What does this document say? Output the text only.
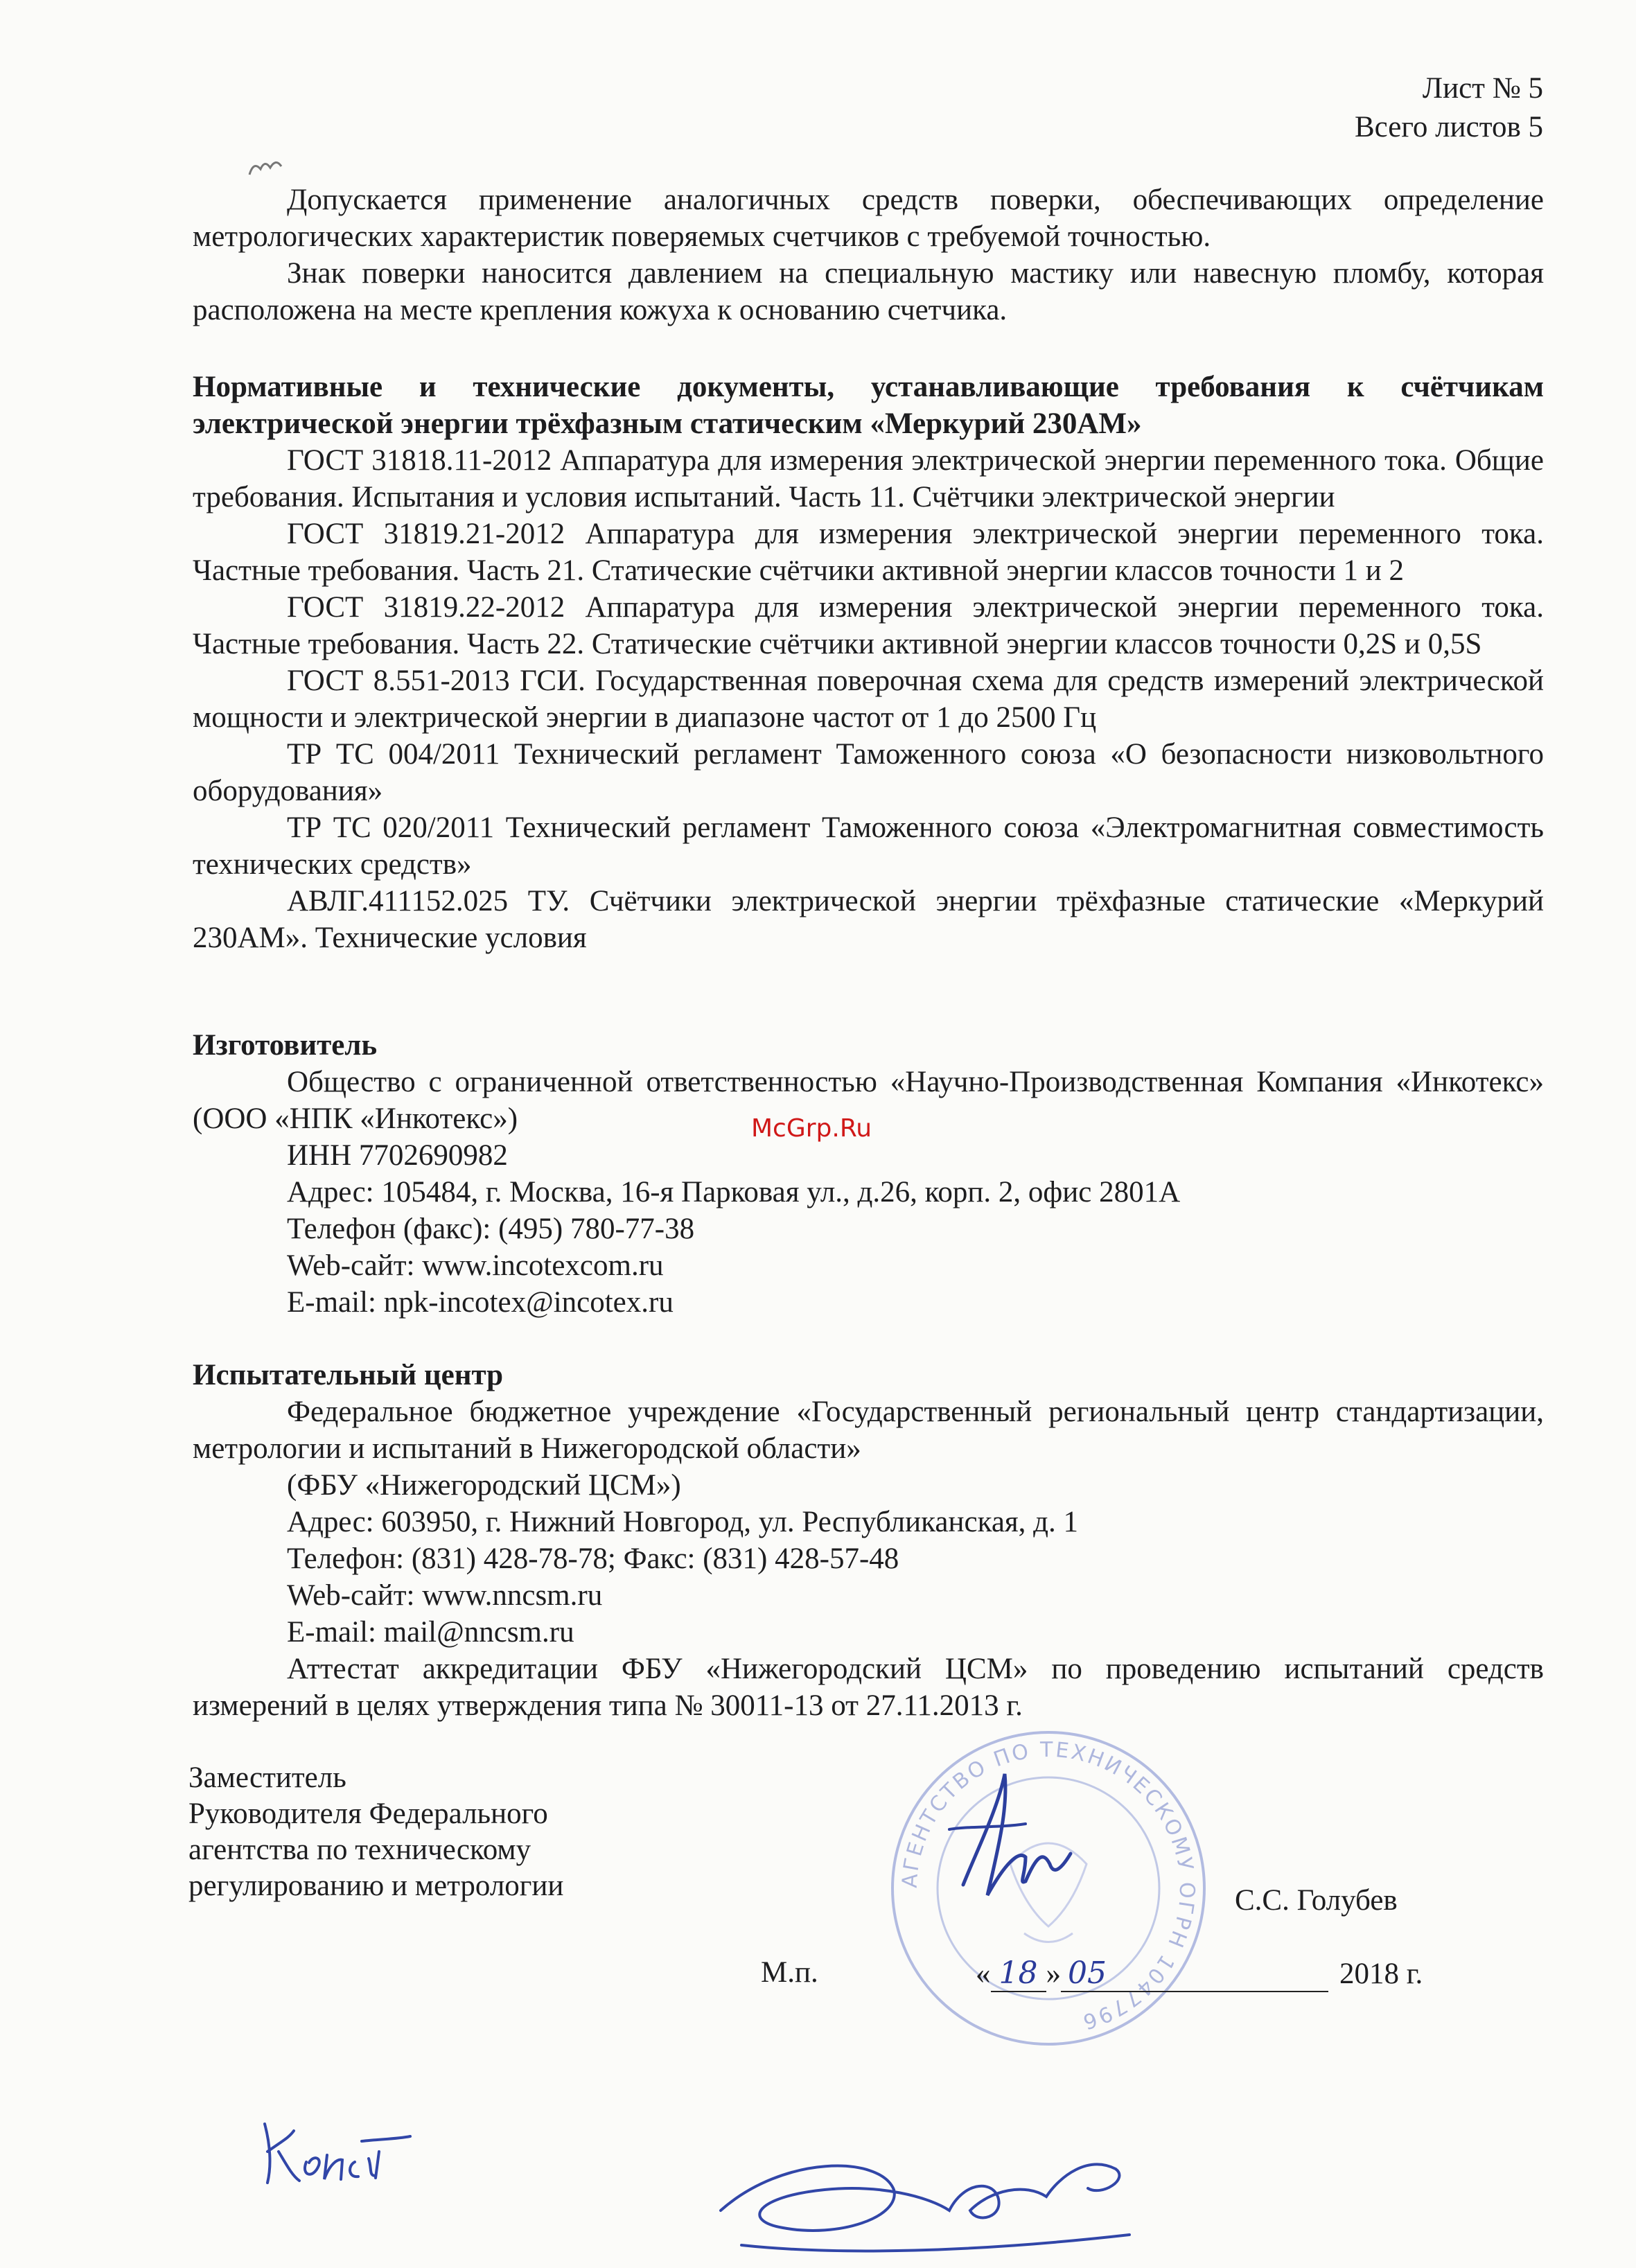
Лист № 5
Всего листов 5

Допускается применение аналогичных средств поверки, обеспечивающих определение метрологических характеристик поверяемых счетчиков с требуемой точностью.

Знак поверки наносится давлением на специальную мастику или навесную пломбу, которая расположена на месте крепления кожуха к основанию счетчика.

Нормативные и технические документы, устанавливающие требования к счётчикам электрической энергии трёхфазным статическим «Меркурий 230АМ»

ГОСТ 31818.11-2012 Аппаратура для измерения электрической энергии переменного тока. Общие требования. Испытания и условия испытаний. Часть 11. Счётчики электрической энергии

ГОСТ 31819.21-2012 Аппаратура для измерения электрической энергии переменного тока. Частные требования. Часть 21. Статические счётчики активной энергии классов точности 1 и 2

ГОСТ 31819.22-2012 Аппаратура для измерения электрической энергии переменного тока. Частные требования. Часть 22. Статические счётчики активной энергии классов точности 0,2S и 0,5S

ГОСТ 8.551-2013 ГСИ. Государственная поверочная схема для средств измерений электрической мощности и электрической энергии в диапазоне частот от 1 до 2500 Гц

ТР ТС 004/2011 Технический регламент Таможенного союза «О безопасности низковольтного оборудования»

ТР ТС 020/2011 Технический регламент Таможенного союза «Электромагнитная совместимость технических средств»

АВЛГ.411152.025 ТУ. Счётчики электрической энергии трёхфазные статические «Меркурий 230АМ». Технические условия

Изготовитель

Общество с ограниченной ответственностью «Научно-Производственная Компания «Инкотекс» (ООО «НПК «Инкотекс»)

ИНН 7702690982

Адрес: 105484, г. Москва, 16-я Парковая ул., д.26, корп. 2, офис 2801А

Телефон (факс): (495) 780-77-38

Web-сайт: www.incotexcom.ru

E-mail: npk-incotex@incotex.ru

McGrp.Ru

Испытательный центр

Федеральное бюджетное учреждение «Государственный региональный центр стандартизации, метрологии и испытаний в Нижегородской области»

(ФБУ «Нижегородский ЦСМ»)

Адрес: 603950, г. Нижний Новгород, ул. Республиканская, д. 1

Телефон: (831) 428-78-78; Факс: (831) 428-57-48

Web-сайт: www.nncsm.ru

E-mail: mail@nncsm.ru

Аттестат аккредитации ФБУ «Нижегородский ЦСМ» по проведению испытаний средств измерений в целях утверждения типа № 30011-13 от 27.11.2013 г.

АГЕНТСТВО ПО ТЕХНИЧЕСКОМУ ОГРН 1047796
Заместитель
Руководителя Федерального
агентства по техническому
регулированию и метрологии	С.С. Голубев
М.п.	« 18 » 05	2018 г.
